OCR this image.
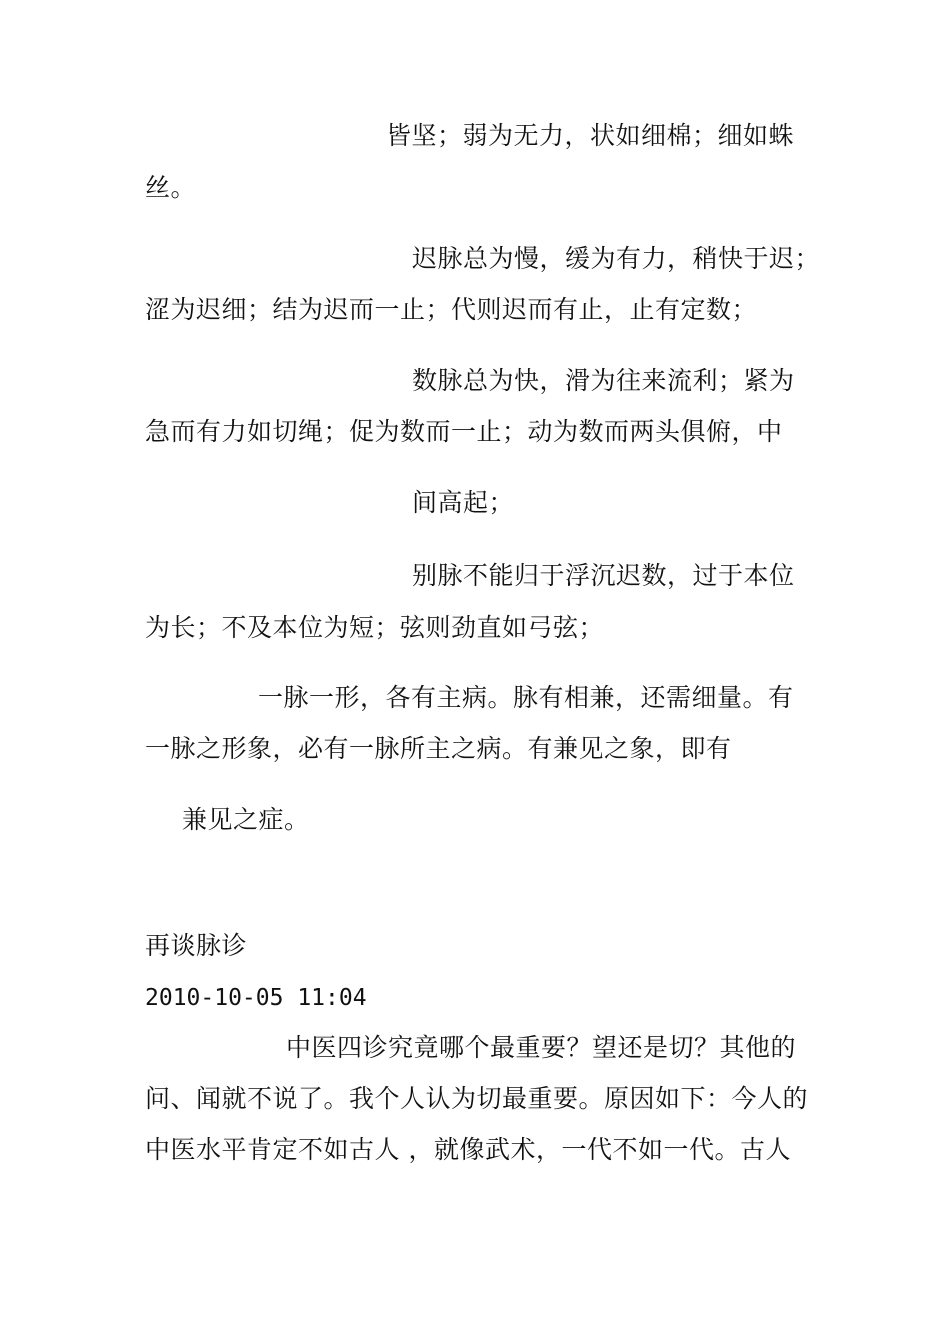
皆坚；弱为无力，状如细棉；细如蛛
丝。
迟脉总为慢，缓为有力，稍快于迟；
涩为迟细；结为迟而一止；代则迟而有止，止有定数；
数脉总为快，滑为往来流利；紧为
急而有力如切绳；促为数而一止；动为数而两头俱俯，中
间高起；
别脉不能归于浮沉迟数，过于本位
为长；不及本位为短；弦则劲直如弓弦；
一脉一形，各有主病。脉有相兼，还需细量。有
一脉之形象，必有一脉所主之病。有兼见之象，即有
兼见之症。
再谈脉诊
2010-10-05 11:04
中医四诊究竟哪个最重要？望还是切？其他的
问、闻就不说了。我个人认为切最重要。原因如下：今人的
中医水平肯定不如古人 ，就像武术，一代不如一代。古人
